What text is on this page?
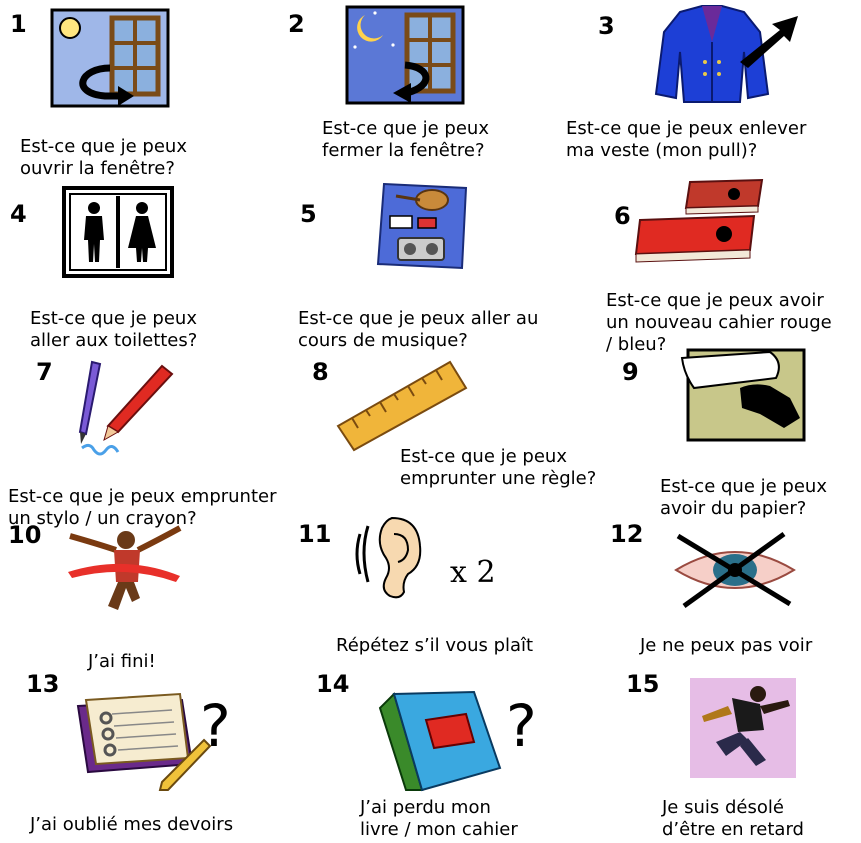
1
Est-ce que je peux
ouvrir la fenêtre?
2
Est-ce que je peux
fermer la fenêtre?
3
Est-ce que je peux enlever
ma veste (mon pull)?
4
Est-ce que je peux
aller aux toilettes?
5
Est-ce que je peux aller au
cours de musique?
6
Est-ce que je peux avoir
un nouveau cahier rouge
/ bleu?
7
Est-ce que je peux emprunter
un stylo / un crayon?
8
Est-ce que je peux
emprunter une règle?
9
Est-ce que je peux
avoir du papier?
10
J’ai fini!
11
x 2
Répétez s’il vous plaît
12
Je ne peux pas voir
13
?
J’ai oublié mes devoirs
14
?
J’ai perdu mon
livre / mon cahier
15
Je suis désolé
d’être en retard
